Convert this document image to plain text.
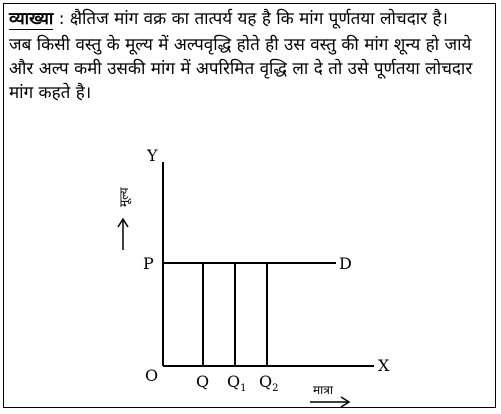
व्याख्या : क्षैतिज मांग वक्र का तात्पर्य यह है कि मांग पूर्णतया लोचदार है।

जब किसी वस्तु के मूल्य में अल्पवृद्धि होते ही उस वस्तु की मांग शून्य हो जाये और अल्प कमी उसकी मांग में अपरिमित वृद्धि ला दे तो उसे पूर्णतया लोचदार मांग कहते है।

Y
X
O
P	D
Q $Q_1$ $Q_2$
मूल्य
मात्रा
